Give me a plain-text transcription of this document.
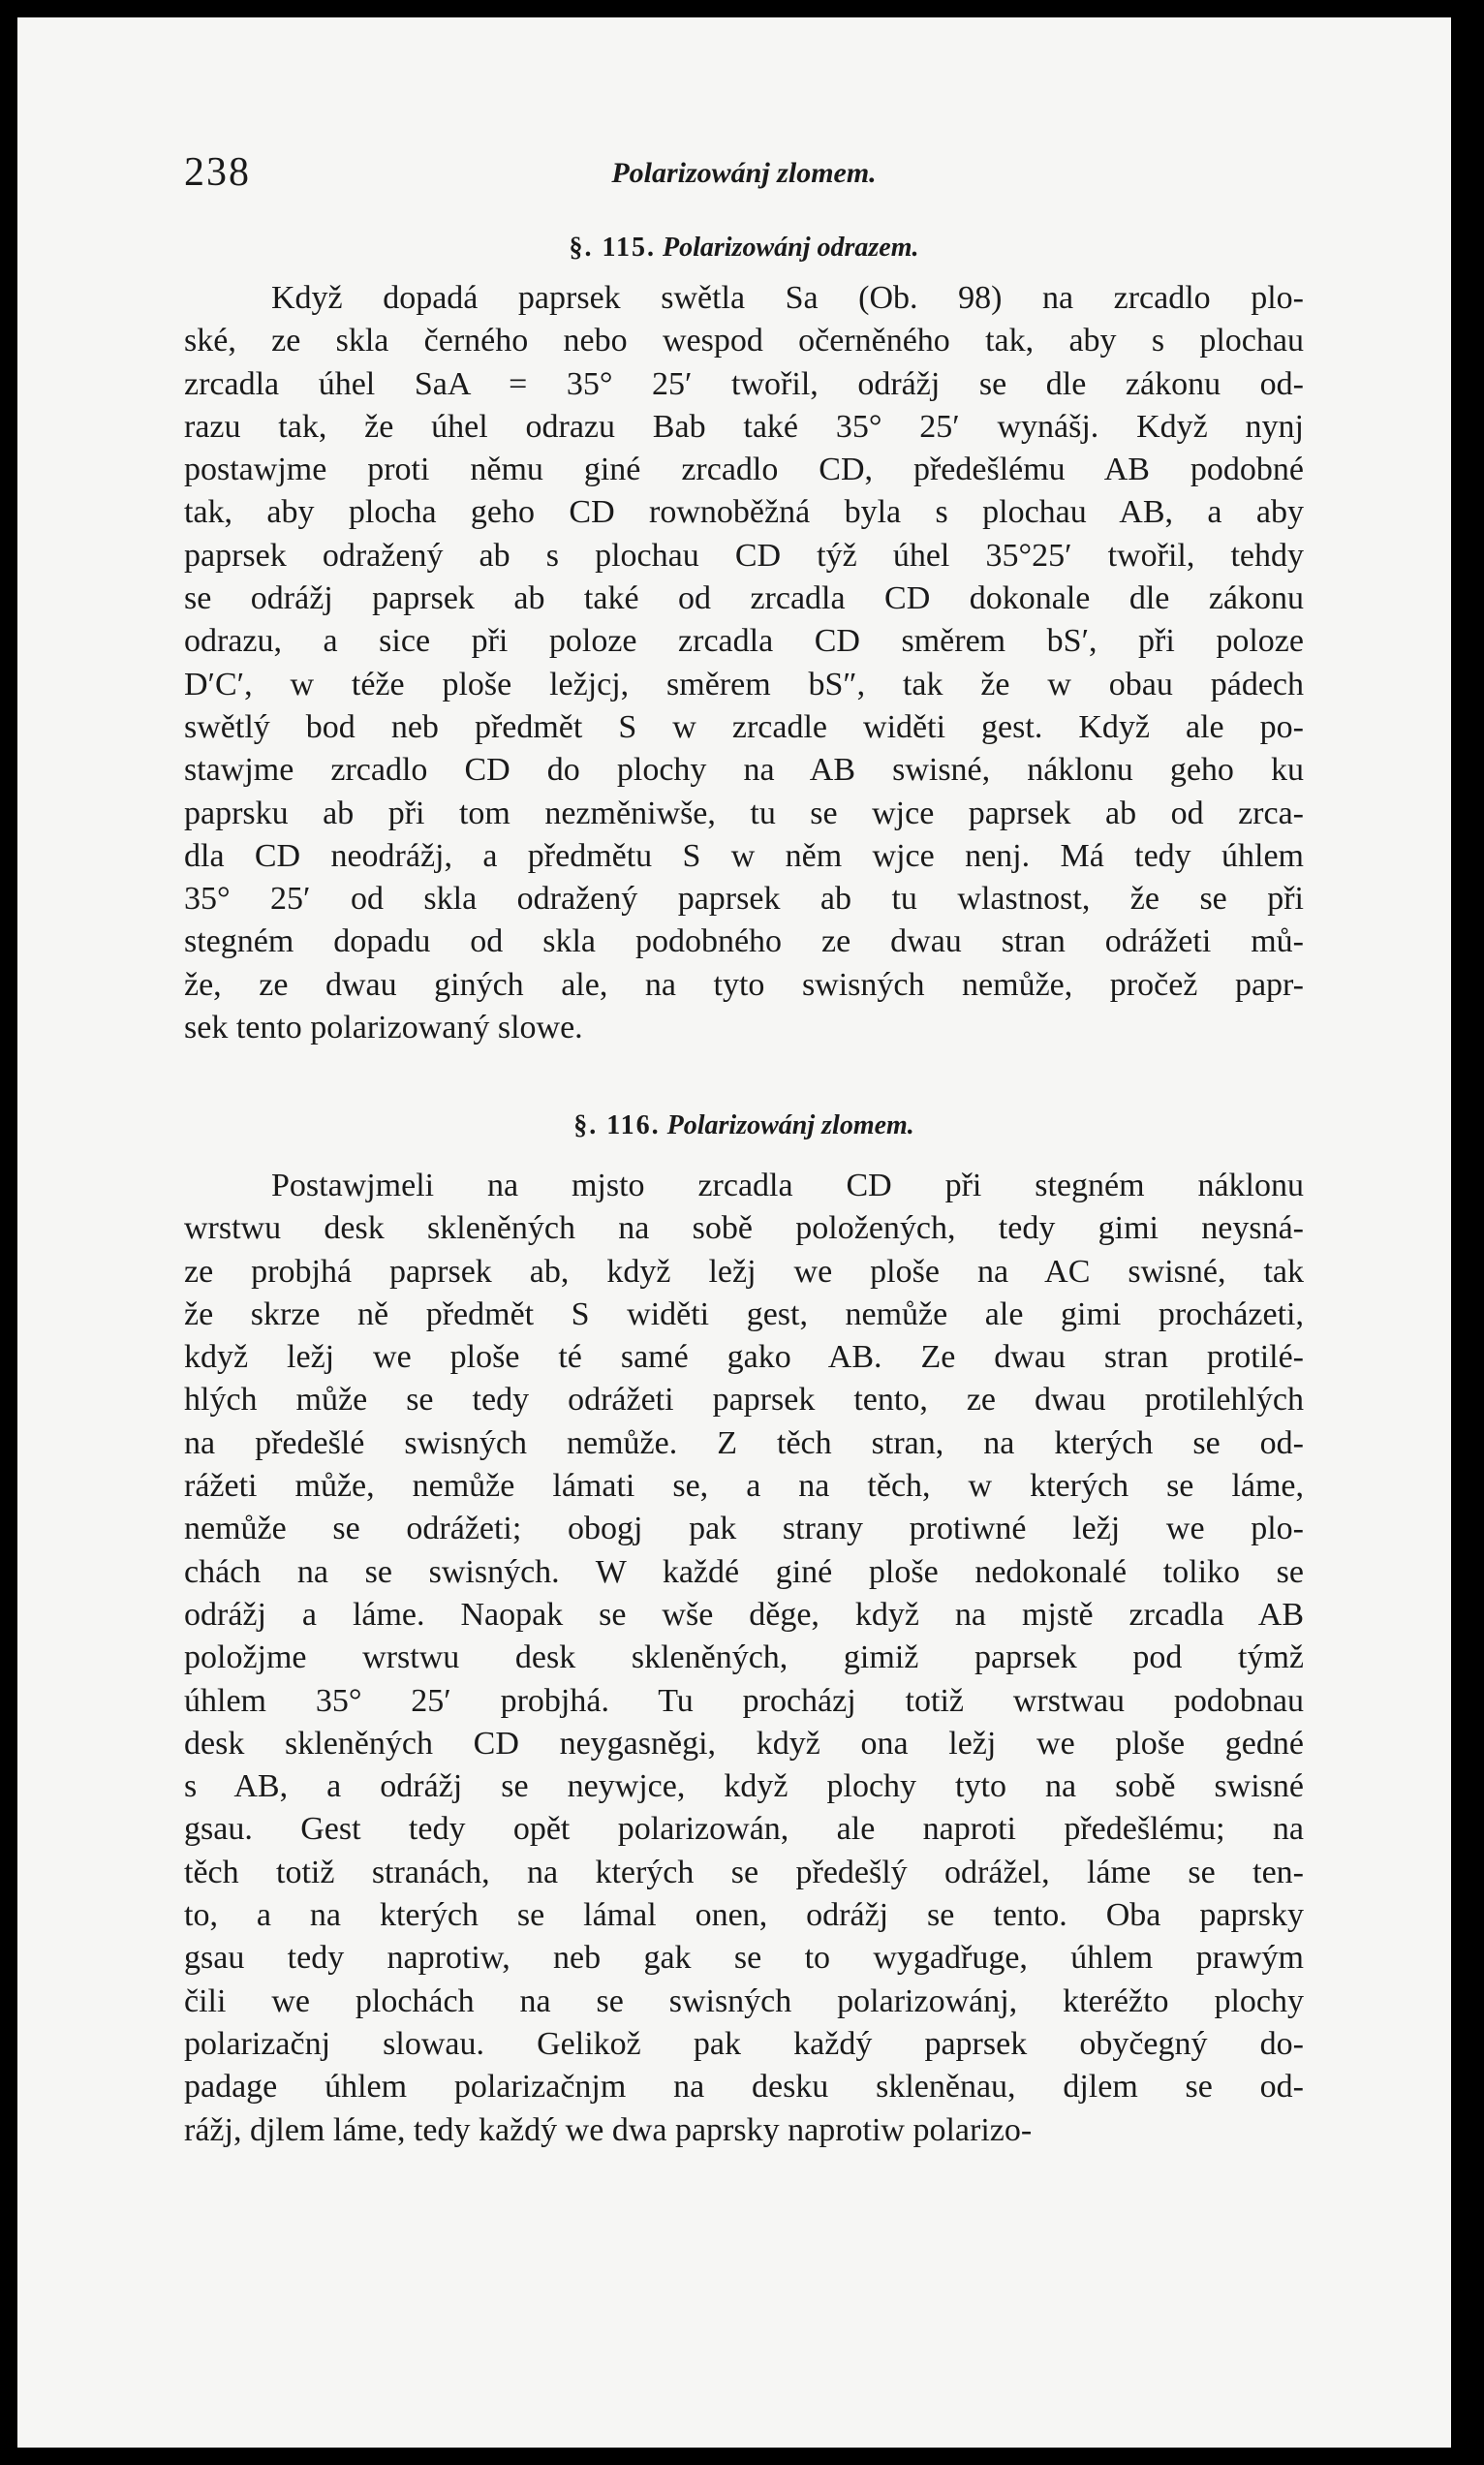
238	Polarizowánj zlomem.
§. 115. Polarizowánj odrazem.
Když dopadá paprsek swětla Sa (Ob. 98) na zrcadlo plo-
ské, ze skla černého nebo wespod očerněného tak, aby s plochau
zrcadla úhel SaA = 35° 25′ twořil, odrážj se dle zákonu od-
razu tak, že úhel odrazu Bab také 35° 25′ wynášj. Když nynj
postawjme proti němu giné zrcadlo CD, předešlému AB podobné
tak, aby plocha geho CD rownoběžná byla s plochau AB, a aby
paprsek odražený ab s plochau CD týž úhel 35°25′ twořil, tehdy
se odrážj paprsek ab také od zrcadla CD dokonale dle zákonu
odrazu, a sice při poloze zrcadla CD směrem bS′, při poloze
D′C′, w téže ploše ležjcj, směrem bS″, tak že w obau pádech
swětlý bod neb předmět S w zrcadle widěti gest. Když ale po-
stawjme zrcadlo CD do plochy na AB swisné, náklonu geho ku
paprsku ab při tom nezměniwše, tu se wjce paprsek ab od zrca-
dla CD neodrážj, a předmětu S w něm wjce nenj. Má tedy úhlem
35° 25′ od skla odražený paprsek ab tu wlastnost, že se při
stegném dopadu od skla podobného ze dwau stran odrážeti mů-
že, ze dwau giných ale, na tyto swisných nemůže, pročež papr-
sek tento polarizowaný slowe.
§. 116. Polarizowánj zlomem.
Postawjmeli na mjsto zrcadla CD při stegném náklonu
wrstwu desk skleněných na sobě položených, tedy gimi neysná-
ze probjhá paprsek ab, když ležj we ploše na AC swisné, tak
že skrze ně předmět S widěti gest, nemůže ale gimi procházeti,
když ležj we ploše té samé gako AB. Ze dwau stran protilé-
hlých může se tedy odrážeti paprsek tento, ze dwau protilehlých
na předešlé swisných nemůže. Z těch stran, na kterých se od-
rážeti může, nemůže lámati se, a na těch, w kterých se láme,
nemůže se odrážeti; obogj pak strany protiwné ležj we plo-
chách na se swisných. W každé giné ploše nedokonalé toliko se
odrážj a láme. Naopak se wše děge, když na mjstě zrcadla AB
položjme wrstwu desk skleněných, gimiž paprsek pod týmž
úhlem 35° 25′ probjhá. Tu procházj totiž wrstwau podobnau
desk skleněných CD neygasněgi, když ona ležj we ploše gedné
s AB, a odrážj se neywjce, když plochy tyto na sobě swisné
gsau. Gest tedy opět polarizowán, ale naproti předešlému; na
těch totiž stranách, na kterých se předešlý odrážel, láme se ten-
to, a na kterých se lámal onen, odrážj se tento. Oba paprsky
gsau tedy naprotiw, neb gak se to wygadřuge, úhlem prawým
čili we plochách na se swisných polarizowánj, kteréžto plochy
polarizačnj slowau. Gelikož pak každý paprsek obyčegný do-
padage úhlem polarizačnjm na desku skleněnau, djlem se od-
rážj, djlem láme, tedy každý we dwa paprsky naprotiw polarizo-
